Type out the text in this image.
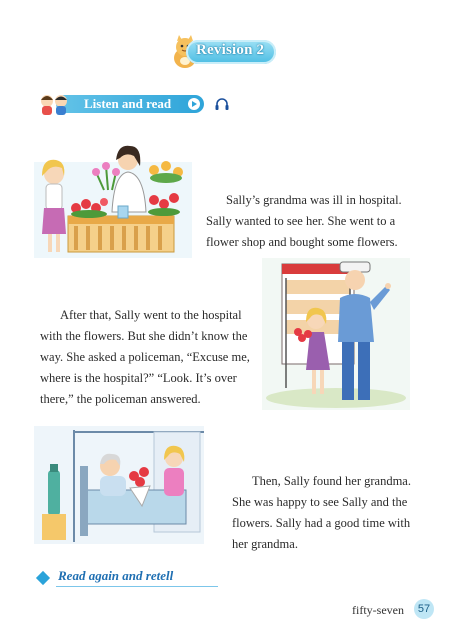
Revision 2
Listen and read

Sally’s grandma was ill in hospital. Sally wanted to see her. She went to a flower shop and bought some flowers.

After that, Sally went to the hospital with the flowers. But she didn’t know the way. She asked a policeman, “Excuse me, where is the hospital?” “Look. It’s over there,” the policeman answered.

Then, Sally found her grandma. She was happy to see Sally and the flowers. Sally had a good time with her grandma.

Read again and retell
fifty-seven	57
